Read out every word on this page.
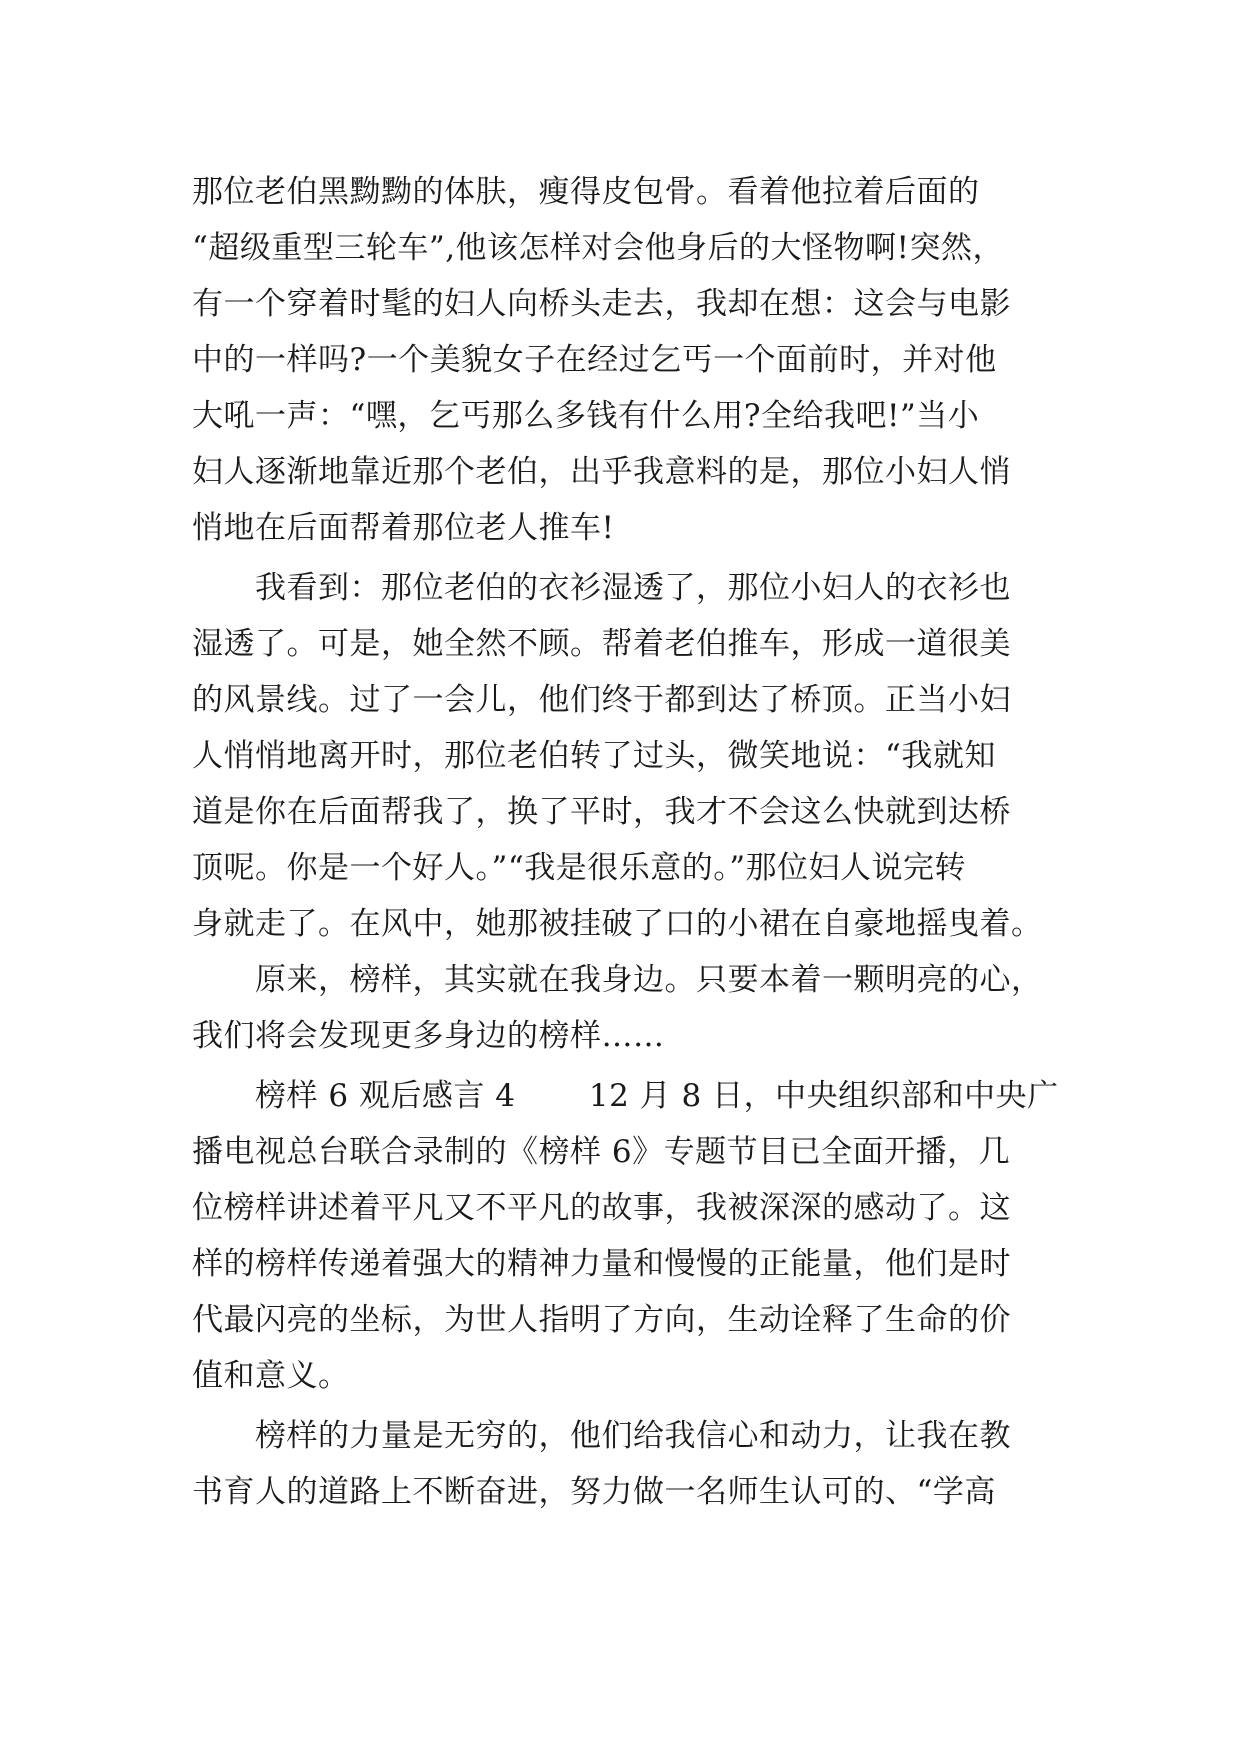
那位老伯黑黝黝的体肤，瘦得皮包骨。看着他拉着后面的
“超级重型三轮车”,他该怎样对会他身后的大怪物啊!突然，
有一个穿着时髦的妇人向桥头走去，我却在想：这会与电影
中的一样吗?一个美貌女子在经过乞丐一个面前时，并对他
大吼一声：“嘿，乞丐那么多钱有什么用?全给我吧!”当小
妇人逐渐地靠近那个老伯，出乎我意料的是，那位小妇人悄
悄地在后面帮着那位老人推车!
　　我看到：那位老伯的衣衫湿透了，那位小妇人的衣衫也
湿透了。可是，她全然不顾。帮着老伯推车，形成一道很美
的风景线。过了一会儿，他们终于都到达了桥顶。正当小妇
人悄悄地离开时，那位老伯转了过头，微笑地说：“我就知
道是你在后面帮我了，换了平时，我才不会这么快就到达桥
顶呢。你是一个好人。”“我是很乐意的。”那位妇人说完转
身就走了。在风中，她那被挂破了口的小裙在自豪地摇曳着。
　　原来，榜样，其实就在我身边。只要本着一颗明亮的心，
我们将会发现更多身边的榜样……
　　榜样 6 观后感言 4　　 12 月 8 日，中央组织部和中央广
播电视总台联合录制的《榜样 6》专题节目已全面开播，几
位榜样讲述着平凡又不平凡的故事，我被深深的感动了。这
样的榜样传递着强大的精神力量和慢慢的正能量，他们是时
代最闪亮的坐标，为世人指明了方向，生动诠释了生命的价
值和意义。
　　榜样的力量是无穷的，他们给我信心和动力，让我在教
书育人的道路上不断奋进，努力做一名师生认可的、“学高
